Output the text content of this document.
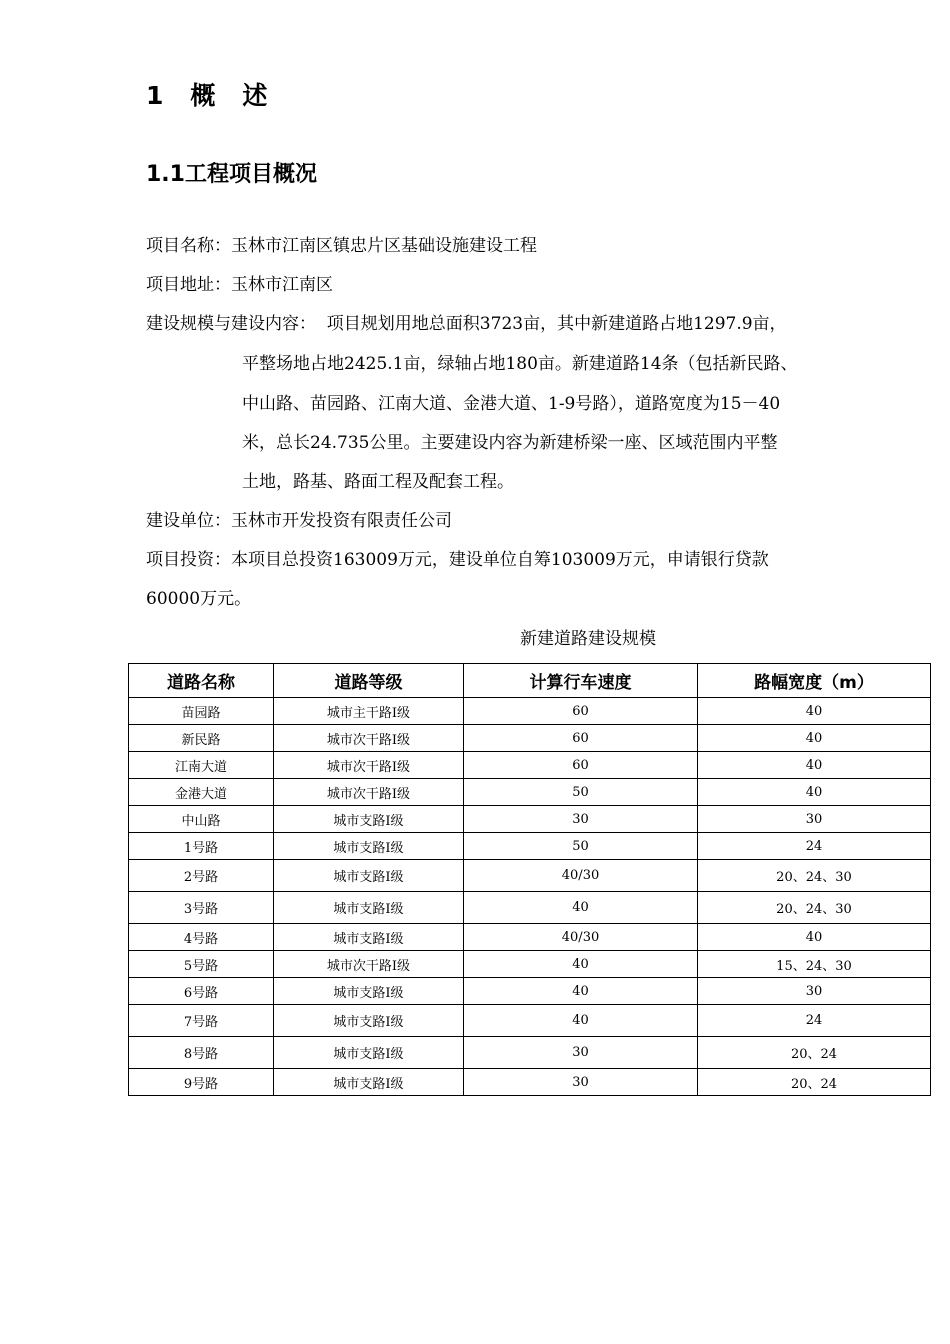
1　概　述
1.1工程项目概况
项目名称：玉林市江南区镇忠片区基础设施建设工程
项目地址：玉林市江南区
建设规模与建设内容：  项目规划用地总面积3723亩，其中新建道路占地1297.9亩，
平整场地占地2425.1亩，绿轴占地180亩。新建道路14条（包括新民路、
中山路、苗园路、江南大道、金港大道、1-9号路），道路宽度为15－40
米，总长24.735公里。主要建设内容为新建桥梁一座、区域范围内平整
土地，路基、路面工程及配套工程。
建设单位：玉林市开发投资有限责任公司
项目投资：本项目总投资163009万元，建设单位自筹103009万元，申请银行贷款
60000万元。
新建道路建设规模
道路名称	道路等级	计算行车速度	路幅宽度（m）
苗园路	城市主干路Ⅰ级	60	40
新民路	城市次干路Ⅰ级	60	40
江南大道	城市次干路Ⅰ级	60	40
金港大道	城市次干路Ⅰ级	50	40
中山路	城市支路Ⅰ级	30	30
1号路	城市支路Ⅰ级	50	24
2号路	城市支路Ⅰ级	40/30	20、24、30
3号路	城市支路Ⅰ级	40	20、24、30
4号路	城市支路Ⅰ级	40/30	40
5号路	城市次干路Ⅰ级	40	15、24、30
6号路	城市支路Ⅰ级	40	30
7号路	城市支路Ⅰ级	40	24
8号路	城市支路Ⅰ级	30	20、24
9号路	城市支路Ⅰ级	30	20、24
